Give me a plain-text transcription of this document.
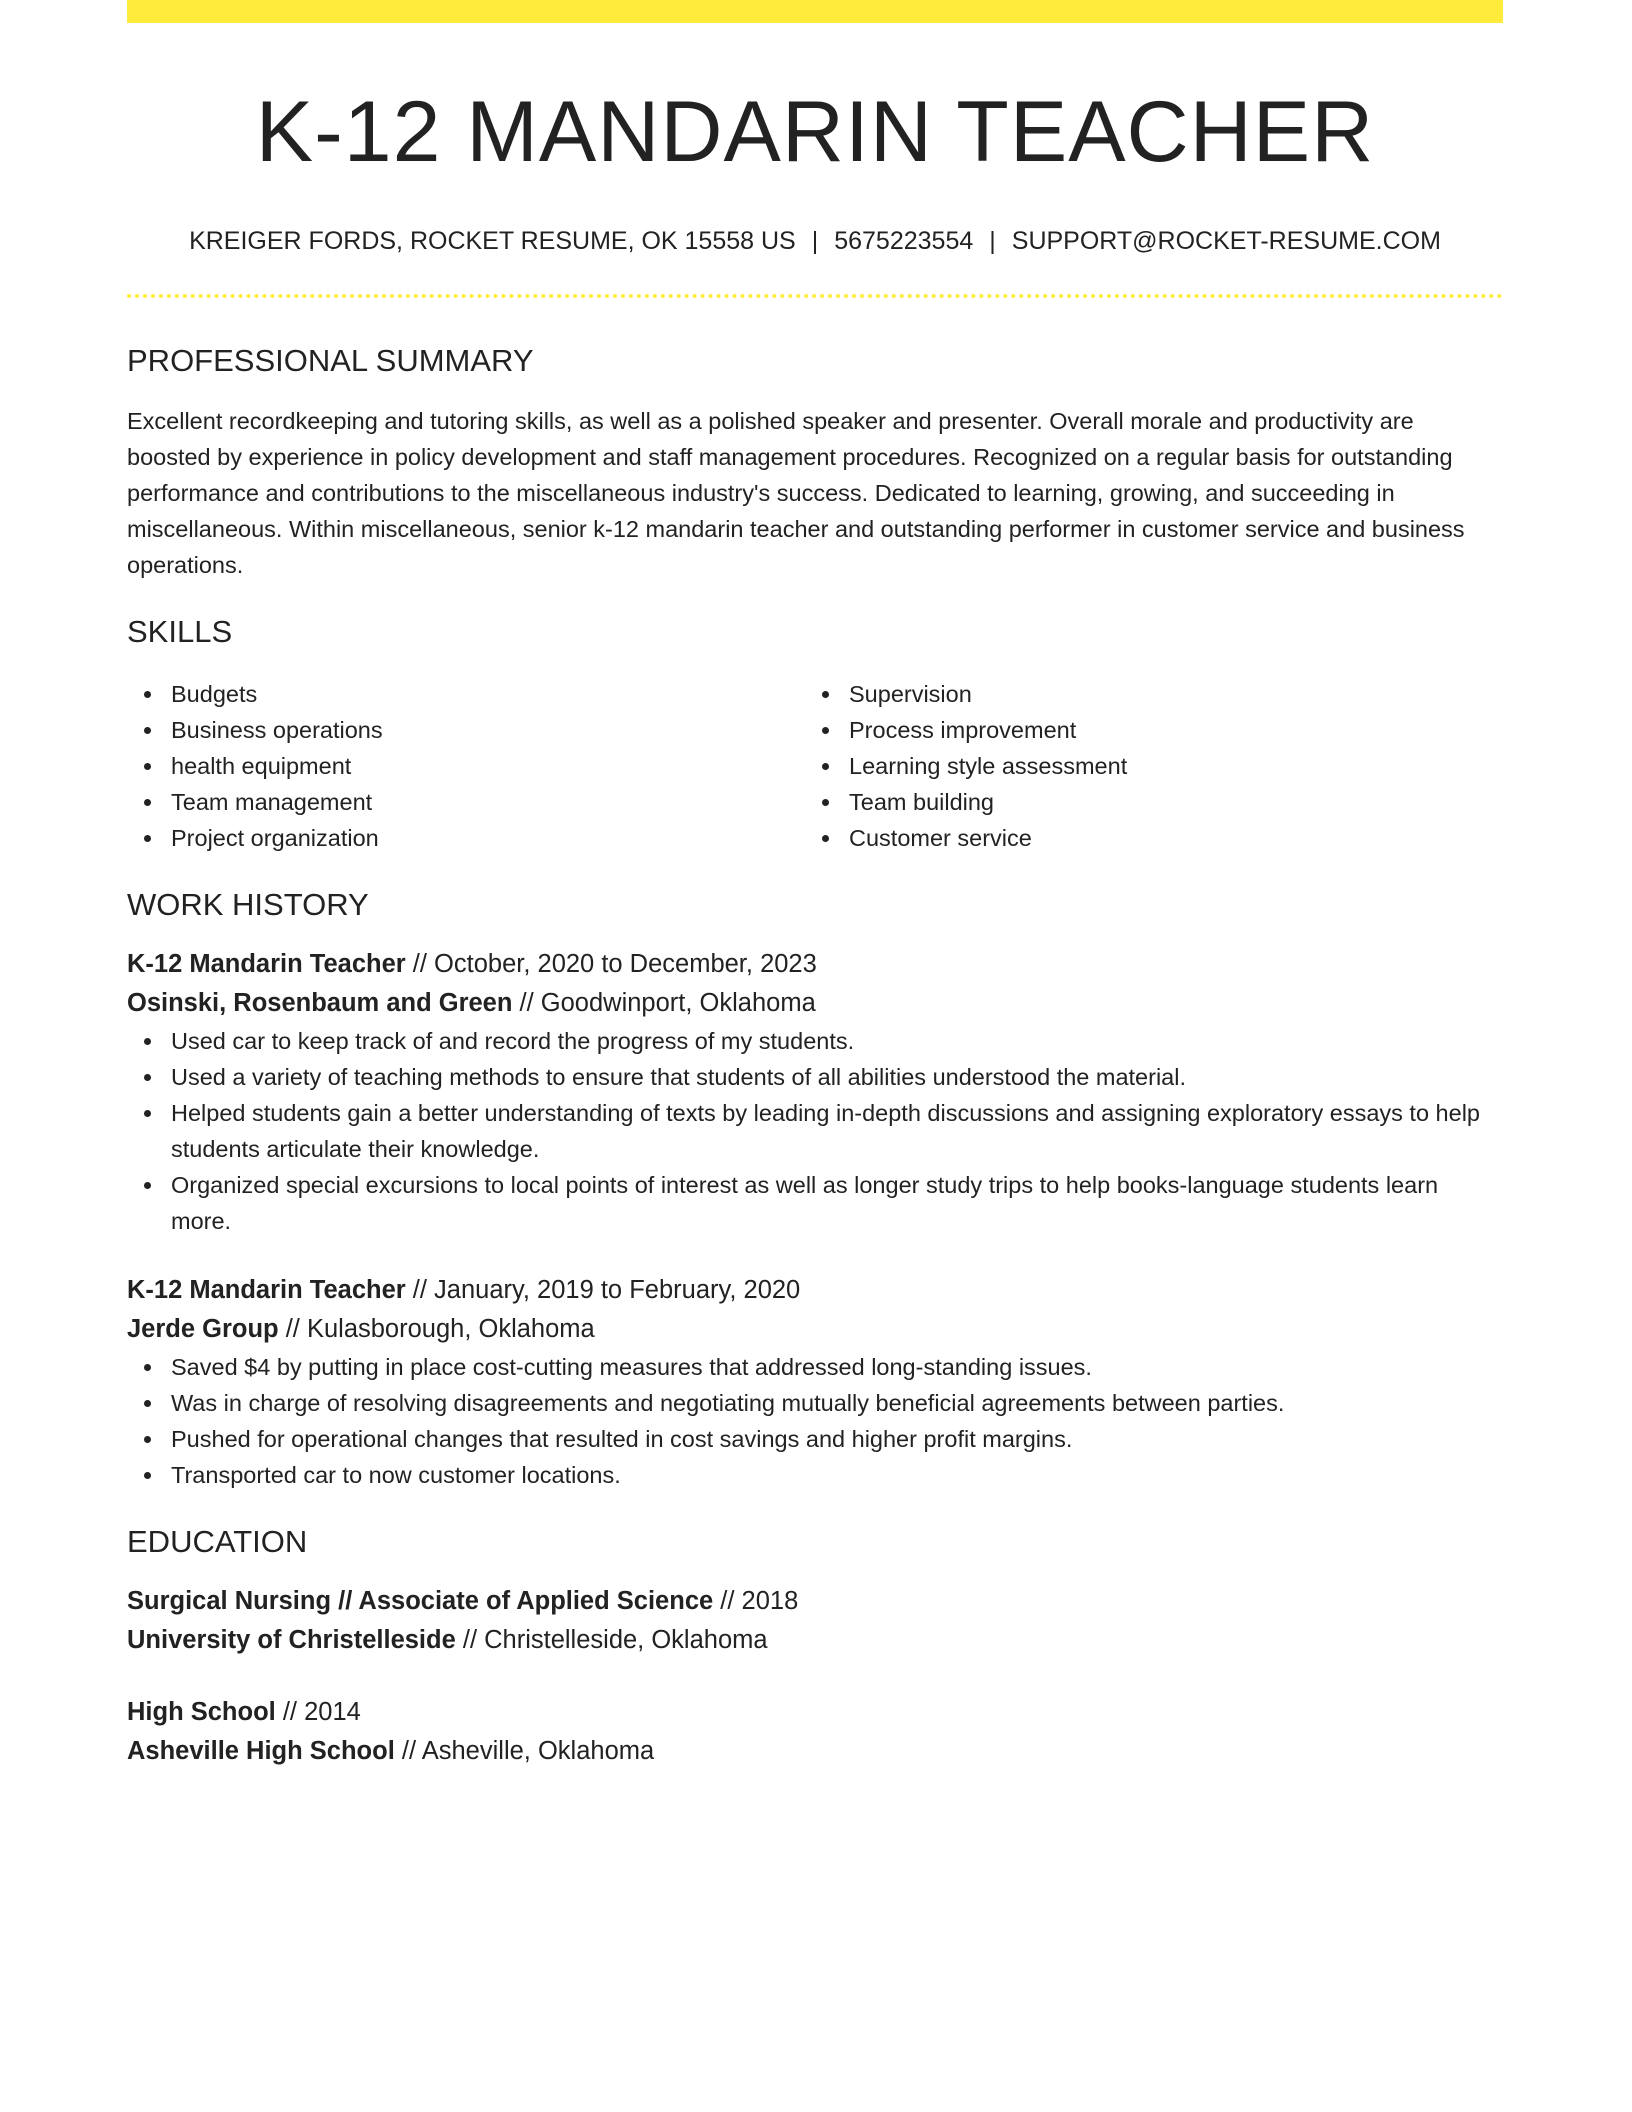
K-12 MANDARIN TEACHER
KREIGER FORDS, ROCKET RESUME, OK 15558 US | 5675223554 | SUPPORT@ROCKET-RESUME.COM
PROFESSIONAL SUMMARY

Excellent recordkeeping and tutoring skills, as well as a polished speaker and presenter. Overall morale and productivity are boosted by experience in policy development and staff management procedures. Recognized on a regular basis for outstanding performance and contributions to the miscellaneous industry's success. Dedicated to learning, growing, and succeeding in miscellaneous. Within miscellaneous, senior k-12 mandarin teacher and outstanding performer in customer service and business operations.

SKILLS
Budgets
Business operations
health equipment
Team management
Project organization
Supervision
Process improvement
Learning style assessment
Team building
Customer service
WORK HISTORY
K-12 Mandarin Teacher // October, 2020 to December, 2023
Osinski, Rosenbaum and Green // Goodwinport, Oklahoma
Used car to keep track of and record the progress of my students.
Used a variety of teaching methods to ensure that students of all abilities understood the material.
Helped students gain a better understanding of texts by leading in-depth discussions and assigning exploratory essays to help students articulate their knowledge.
Organized special excursions to local points of interest as well as longer study trips to help books-language students learn more.
K-12 Mandarin Teacher // January, 2019 to February, 2020
Jerde Group // Kulasborough, Oklahoma
Saved $4 by putting in place cost-cutting measures that addressed long-standing issues.
Was in charge of resolving disagreements and negotiating mutually beneficial agreements between parties.
Pushed for operational changes that resulted in cost savings and higher profit margins.
Transported car to now customer locations.
EDUCATION
Surgical Nursing // Associate of Applied Science // 2018
University of Christelleside // Christelleside, Oklahoma
High School // 2014
Asheville High School // Asheville, Oklahoma
